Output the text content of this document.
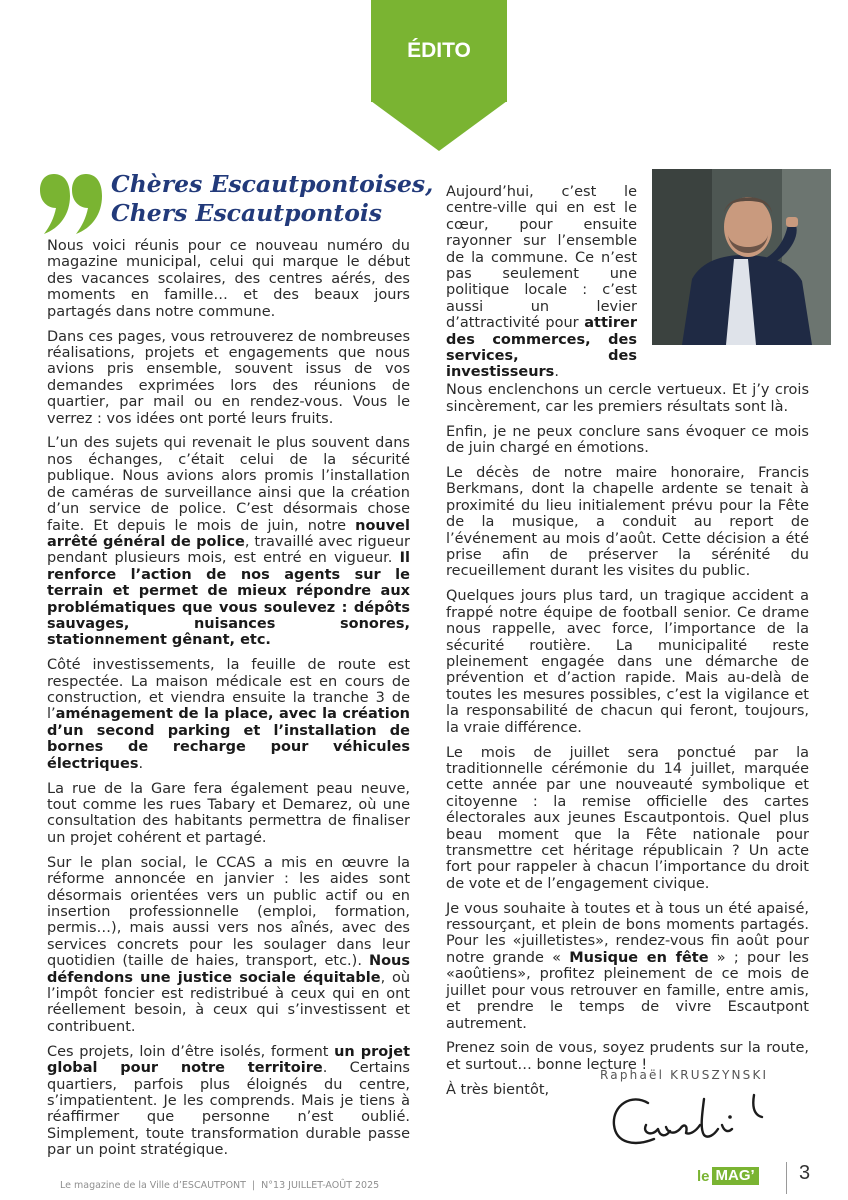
ÉDITO
Chères Escautpontoises,
Chers Escautpontois

Nous voici réunis pour ce nouveau numéro du magazine municipal, celui qui marque le début des vacances scolaires, des centres aérés, des moments en famille… et des beaux jours partagés dans notre commune.

Dans ces pages, vous retrouverez de nombreuses réalisations, projets et engagements que nous avions pris ensemble, souvent issus de vos demandes exprimées lors des réunions de quartier, par mail ou en rendez-vous. Vous le verrez : vos idées ont porté leurs fruits.

L’un des sujets qui revenait le plus souvent dans nos échanges, c’était celui de la sécurité publique. Nous avions alors promis l’installation de caméras de surveillance ainsi que la création d’un service de police. C’est désormais chose faite. Et depuis le mois de juin, notre nouvel arrêté général de police, travaillé avec rigueur pendant plusieurs mois, est entré en vigueur. Il renforce l’action de nos agents sur le terrain et permet de mieux répondre aux problématiques que vous soulevez : dépôts sauvages, nuisances sonores, stationnement gênant, etc.

Côté investissements, la feuille de route est respectée. La maison médicale est en cours de construction, et viendra ensuite la tranche 3 de l’aménagement de la place, avec la création d’un second parking et l’installation de bornes de recharge pour véhicules électriques.

La rue de la Gare fera également peau neuve, tout comme les rues Tabary et Demarez, où une consultation des habitants permettra de finaliser un projet cohérent et partagé.

Sur le plan social, le CCAS a mis en œuvre la réforme annoncée en janvier : les aides sont désormais orientées vers un public actif ou en insertion professionnelle (emploi, formation, permis…), mais aussi vers nos aînés, avec des services concrets pour les soulager dans leur quotidien (taille de haies, transport, etc.). Nous défendons une justice sociale équitable, où l’impôt foncier est redistribué à ceux qui en ont réellement besoin, à ceux qui s’investissent et contribuent.

Ces projets, loin d’être isolés, forment un projet global pour notre territoire. Certains quartiers, parfois plus éloignés du centre, s’impatientent. Je les comprends. Mais je tiens à réaffirmer que personne n’est oublié. Simplement, toute transformation durable passe par un point stratégique.

Aujourd’hui, c’est le centre-ville qui en est le cœur, pour ensuite rayonner sur l’ensemble de la commune. Ce n’est pas seulement une politique locale : c’est aussi un levier d’attractivité pour attirer des commerces, des services, des investisseurs.

Nous enclenchons un cercle vertueux. Et j’y crois sincèrement, car les premiers résultats sont là.

Enfin, je ne peux conclure sans évoquer ce mois de juin chargé en émotions.

Le décès de notre maire honoraire, Francis Berkmans, dont la chapelle ardente se tenait à proximité du lieu initialement prévu pour la Fête de la musique, a conduit au report de l’événement au mois d’août. Cette décision a été prise afin de préserver la sérénité du recueillement durant les visites du public.

Quelques jours plus tard, un tragique accident a frappé notre équipe de football senior. Ce drame nous rappelle, avec force, l’importance de la sécurité routière. La municipalité reste pleinement engagée dans une démarche de prévention et d’action rapide. Mais au-delà de toutes les mesures possibles, c’est la vigilance et la responsabilité de chacun qui feront, toujours, la vraie différence.

Le mois de juillet sera ponctué par la traditionnelle cérémonie du 14 juillet, marquée cette année par une nouveauté symbolique et citoyenne : la remise officielle des cartes électorales aux jeunes Escautpontois. Quel plus beau moment que la Fête nationale pour transmettre cet héritage républicain ? Un acte fort pour rappeler à chacun l’importance du droit de vote et de l’engagement civique.

Je vous souhaite à toutes et à tous un été apaisé, ressourçant, et plein de bons moments partagés. Pour les «juilletistes», rendez-vous fin août pour notre grande « Musique en fête » ; pour les «aoûtiens», profitez pleinement de ce mois de juillet pour vous retrouver en famille, entre amis, et prendre le temps de vivre Escautpont autrement.

Prenez soin de vous, soyez prudents sur la route, et surtout… bonne lecture !

À très bientôt,

Raphaël KRUSZYNSKI
Le magazine de la Ville d’ESCAUTPONT | N°13 JUILLET-AOÛT 2025
le MAG’ 3
